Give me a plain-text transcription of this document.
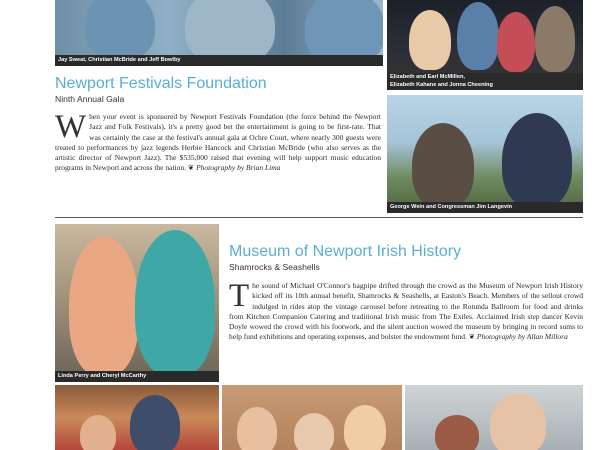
Jay Sweat, Christian McBride and Jeff Bowlby
Elizabeth and Earl McMillen,
Elizabeth Kahane and Jonna Cheening
George Wein and Congressman Jim Langevin
Newport Festivals Foundation
Ninth Annual Gala
When your event is sponsored by Newport Festivals Foundation (the force behind the Newport Jazz and Folk Festivals), it's a pretty good bet the entertainment is going to be first-rate. That was certainly the case at the festival's annual gala at Ochre Court, where nearly 300 guests were treated to performances by jazz legends Herbie Hancock and Christian McBride (who also serves as the artistic director of Newport Jazz). The $535,000 raised that evening will help support music education programs in Newport and across the nation. ❦ Photography by Brian Lima
Linda Perry and Cheryl McCarthy
Museum of Newport Irish History
Shamrocks & Seashells
The sound of Michael O'Connor's bagpipe drifted through the crowd as the Museum of Newport Irish History kicked off its 10th annual benefit, Shamrocks & Seashells, at Easton's Beach. Members of the sellout crowd indulged in rides atop the vintage carousel before retreating to the Rotunda Ballroom for food and drinks from Kitchen Companion Catering and traditional Irish music from The Exiles. Acclaimed Irish step dancer Kevin Doyle wowed the crowd with his footwork, and the silent auction wowed the museum by bringing in record sums to help fund exhibitions and operating expenses, and bolster the endowment fund. ❦ Photography by Allan Millora
